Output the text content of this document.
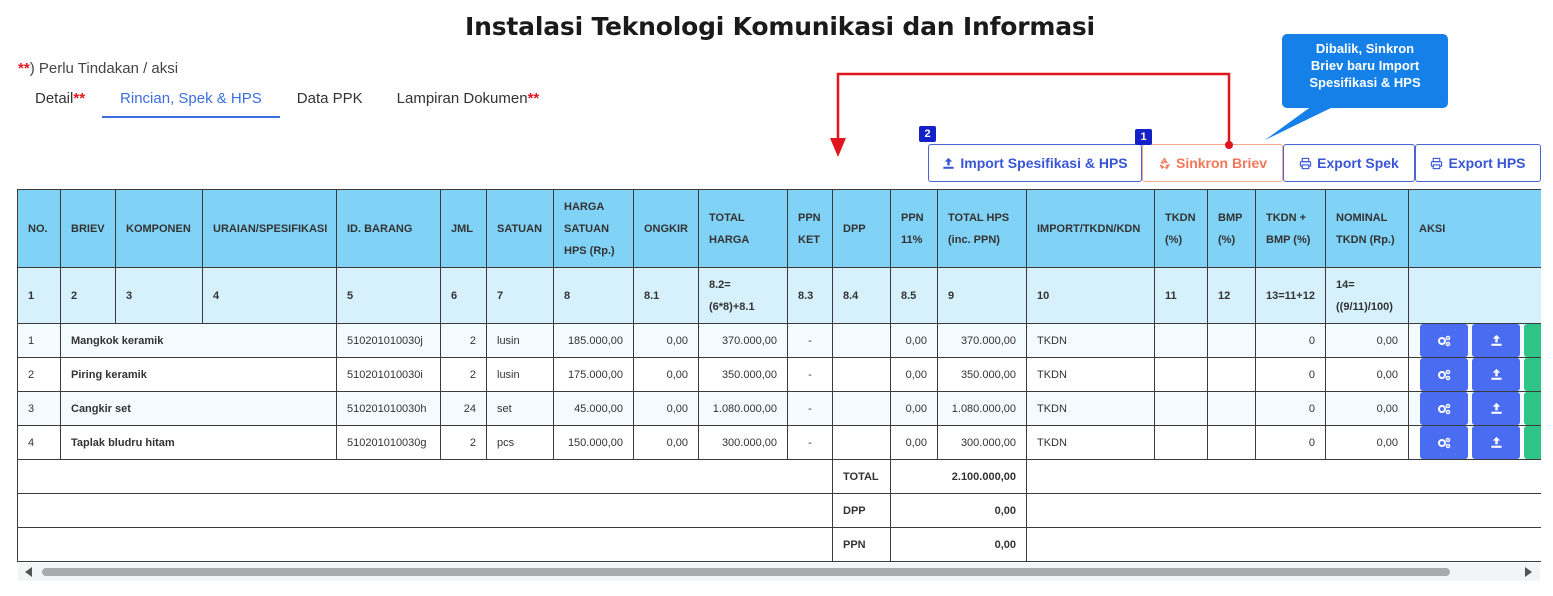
Instalasi Teknologi Komunikasi dan Informasi
**) Perlu Tindakan / aksi
Detail**	Rincian, Spek & HPS	Data PPK	Lampiran Dokumen**
Import Spesifikasi & HPS	Sinkron Briev	Export Spek	Export HPS
2	1
Dibalik, Sinkron
Briev baru Import
Spesifikasi & HPS
NO.	BRIEV	KOMPONEN	URAIAN/SPESIFIKASI	ID. BARANG	JML	SATUAN	HARGA SATUAN HPS (Rp.)	ONGKIR	TOTAL HARGA	PPN KET	DPP	PPN 11%	TOTAL HPS (inc. PPN)	IMPORT/TKDN/KDN	TKDN (%)	BMP (%)	TKDN + BMP (%)	NOMINAL TKDN (Rp.)	AKSI
1	2	3	4	5	6	7	8	8.1	8.2= (6*8)+8.1	8.3	8.4	8.5	9	10	11	12	13=11+12	14= ((9/11)/100)	
1	Mangkok keramik			510201010030j	2	lusin	185.000,00	0,00	370.000,00	-		0,00	370.000,00	TKDN			0	0,00	

2	Piring keramik			510201010030i	2	lusin	175.000,00	0,00	350.000,00	-		0,00	350.000,00	TKDN			0	0,00	

3	Cangkir set			510201010030h	24	set	45.000,00	0,00	1.080.000,00	-		0,00	1.080.000,00	TKDN			0	0,00	

4	Taplak bludru hitam			510201010030g	2	pcs	150.000,00	0,00	300.000,00	-		0,00	300.000,00	TKDN			0	0,00	

											TOTAL	2.100.000,00							
											DPP	0,00							
											PPN	0,00							
